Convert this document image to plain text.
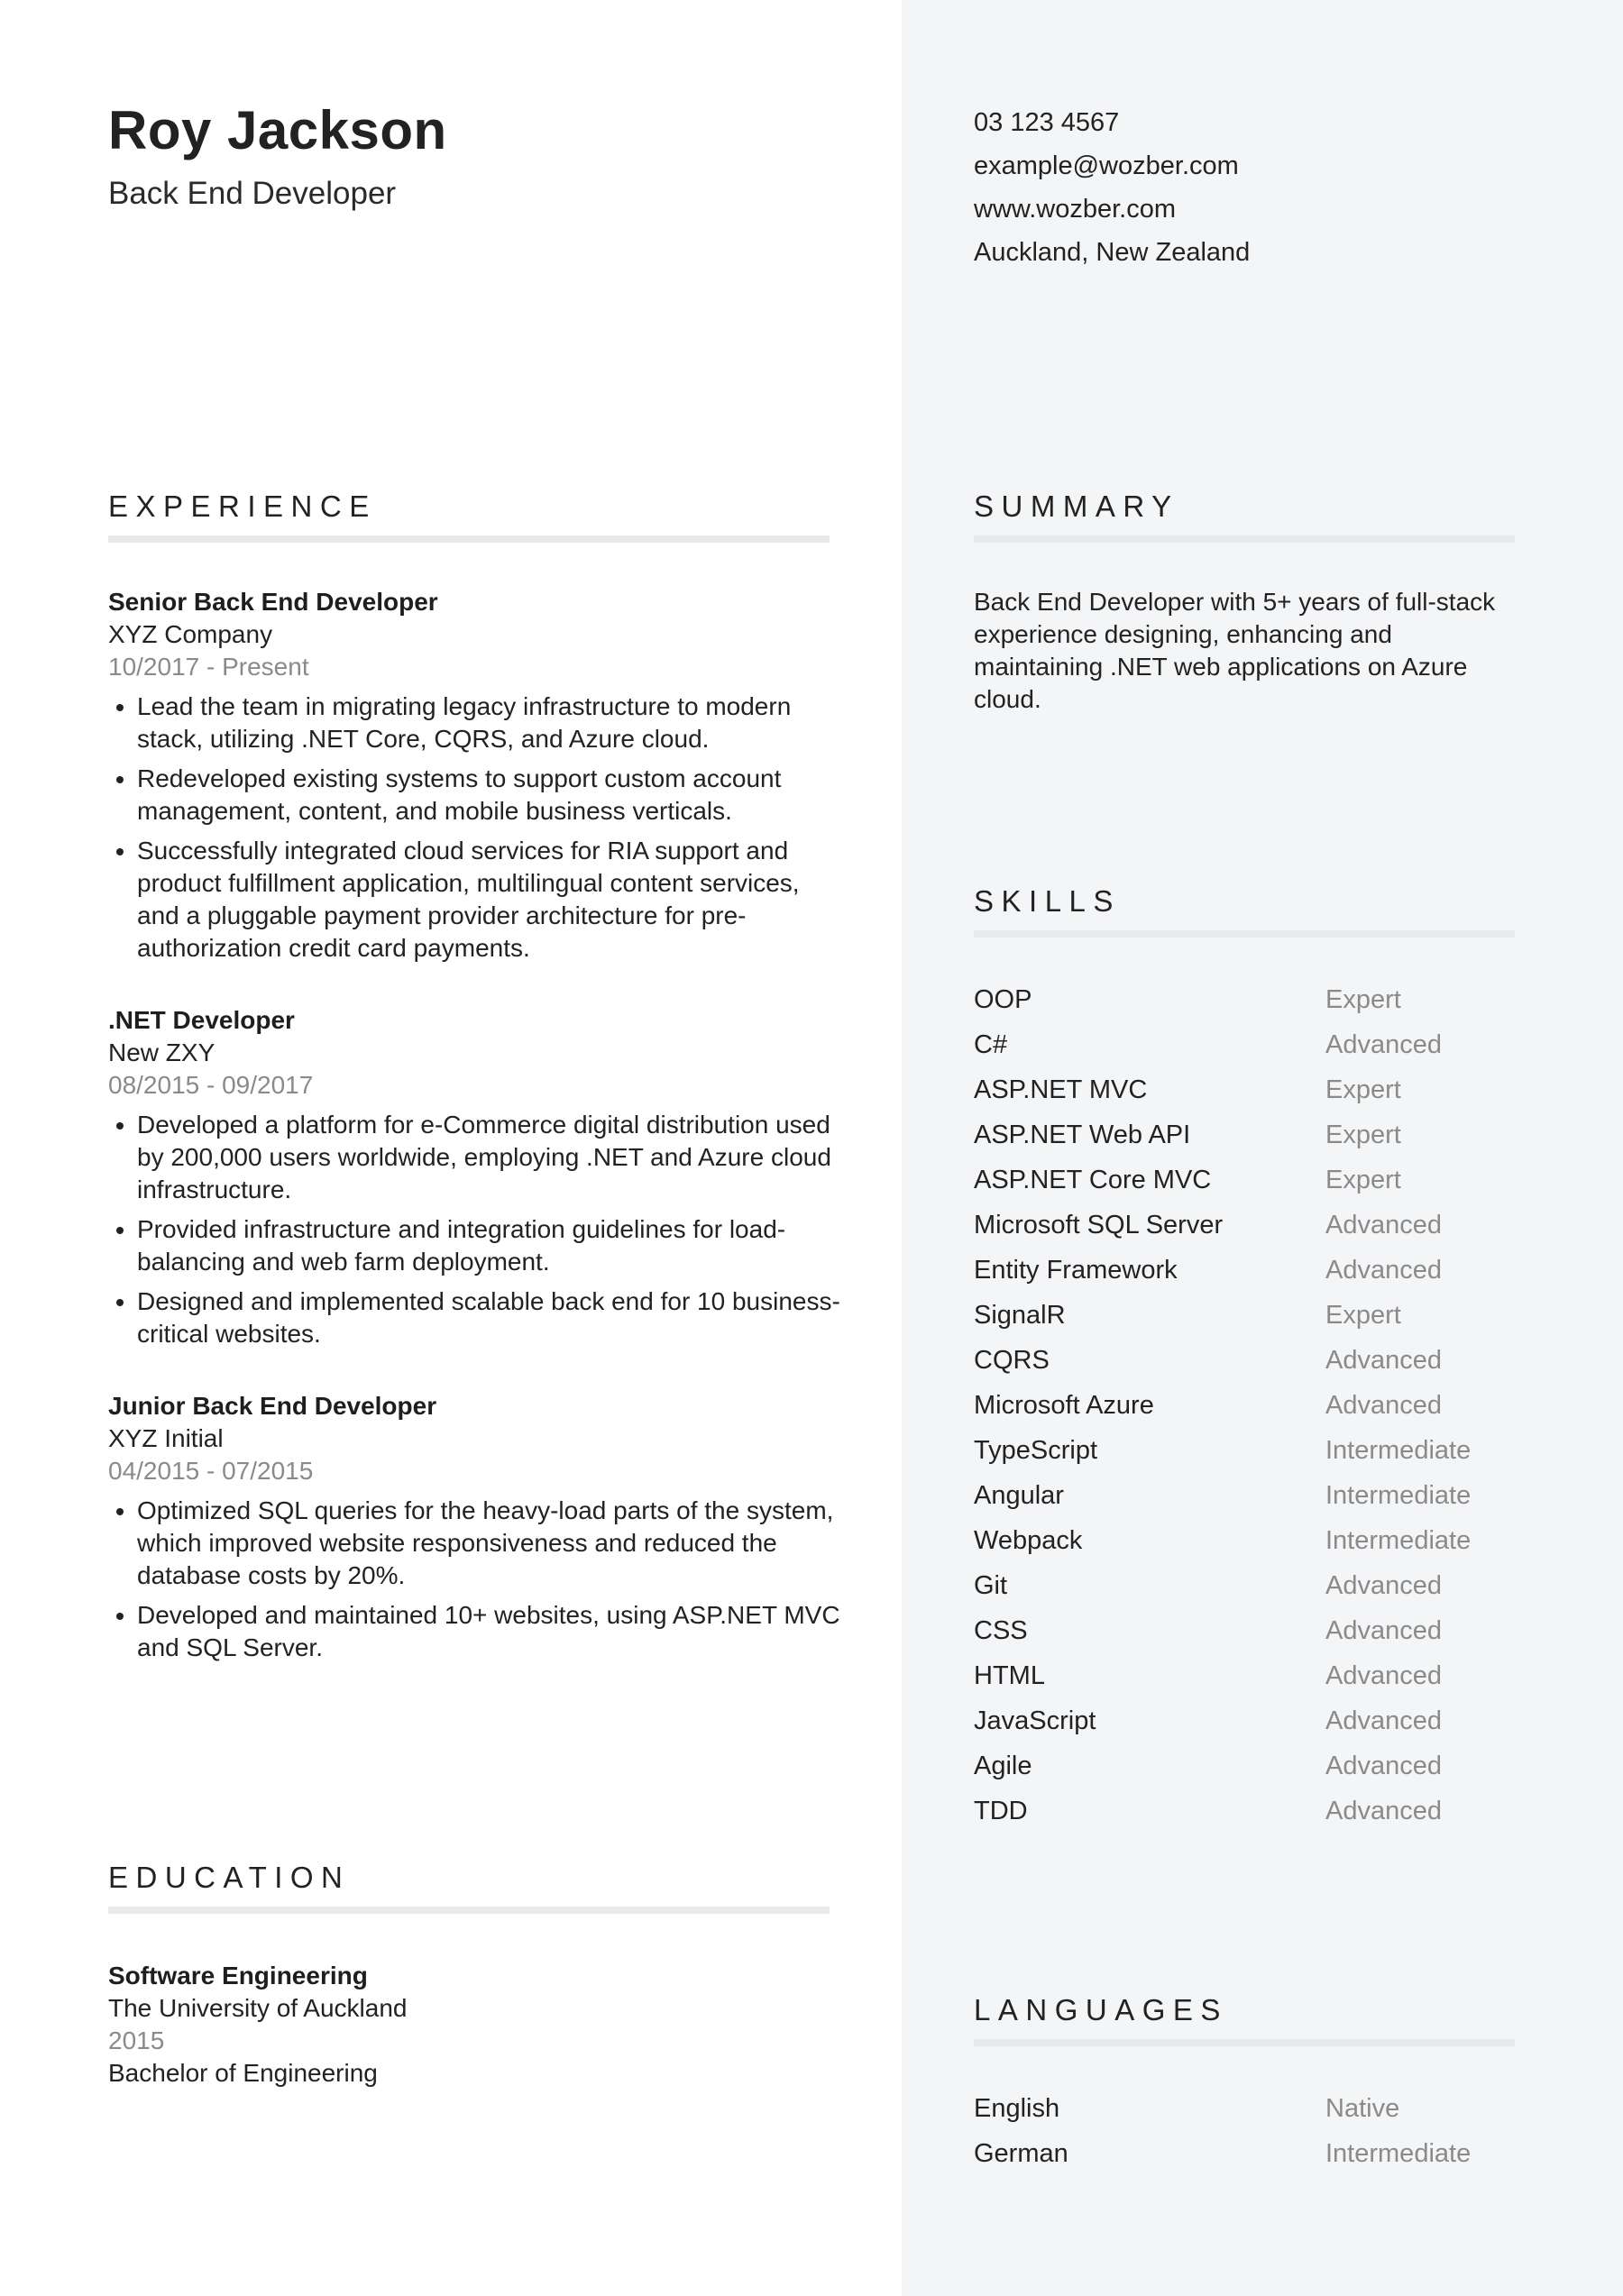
Roy Jackson
Back End Developer
EXPERIENCE
Senior Back End Developer
XYZ Company
10/2017 - Present
• Lead the team in migrating legacy infrastructure to modern stack, utilizing .NET Core, CQRS, and Azure cloud.
• Redeveloped existing systems to support custom account management, content, and mobile business verticals.
• Successfully integrated cloud services for RIA support and product fulfillment application, multilingual content services, and a pluggable payment provider architecture for pre-authorization credit card payments.
.NET Developer
New ZXY
08/2015 - 09/2017
• Developed a platform for e-Commerce digital distribution used by 200,000 users worldwide, employing .NET and Azure cloud infrastructure.
• Provided infrastructure and integration guidelines for load-balancing and web farm deployment.
• Designed and implemented scalable back end for 10 business-critical websites.
Junior Back End Developer
XYZ Initial
04/2015 - 07/2015
• Optimized SQL queries for the heavy-load parts of the system, which improved website responsiveness and reduced the database costs by 20%.
• Developed and maintained 10+ websites, using ASP.NET MVC and SQL Server.
EDUCATION
Software Engineering
The University of Auckland
2015
Bachelor of Engineering
03 123 4567
example@wozber.com
www.wozber.com
Auckland, New Zealand
SUMMARY
Back End Developer with 5+ years of full-stack experience designing, enhancing and maintaining .NET web applications on Azure cloud.
SKILLS
OOP	Expert
C#	Advanced
ASP.NET MVC	Expert
ASP.NET Web API	Expert
ASP.NET Core MVC	Expert
Microsoft SQL Server	Advanced
Entity Framework	Advanced
SignalR	Expert
CQRS	Advanced
Microsoft Azure	Advanced
TypeScript	Intermediate
Angular	Intermediate
Webpack	Intermediate
Git	Advanced
CSS	Advanced
HTML	Advanced
JavaScript	Advanced
Agile	Advanced
TDD	Advanced
LANGUAGES
English	Native
German	Intermediate
